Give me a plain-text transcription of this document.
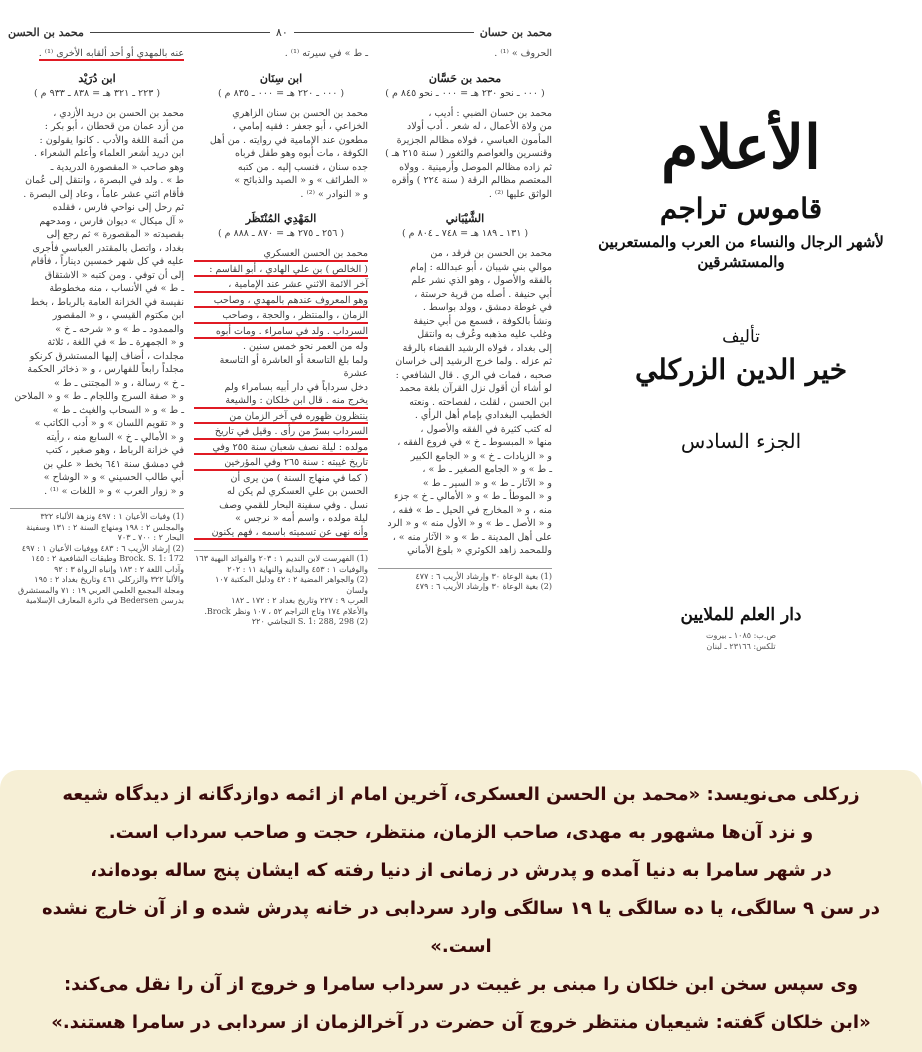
محمد بن حسان
٨٠
محمد بن الحسن
الحروف » ⁽¹⁾ .
محمد بن حَسَّان
( ٠٠٠ ـ نحو ٢٣٠ هـ = ٠٠٠ ـ نحو ٨٤٥ م )
محمد بن حسان الضبي : أديب ،
من ولاة الأعمال ، له شعر . أدب أولاد
المأمون العباسي ، فولاه مظالم الجزيرة
وقنسرين والعواصم والثغور ( سنة ٢١٥ هـ )
ثم زاده مظالم الموصل وأرمينية . وولاه
المعتصم مظالم الرقة ( سنة ٢٢٤ ) وأقره
الواثق عليها ⁽²⁾ .
الشَّيْبَاني
( ١٣١ ـ ١٨٩ هـ = ٧٤٨ ـ ٨٠٤ م )
محمد بن الحسن بن فرقد ، من
موالي بني شيبان ، أبو عبدالله : إمام
بالفقه والأصول ، وهو الذي نشر علم
أبي حنيفة . أصله من قرية حرستة ،
في غوطة دمشق ، وولد بواسط .
ونشأ بالكوفة ، فسمع من أبي حنيفة
وغلب عليه مذهبه وعُرف به وانتقل
إلى بغداد ، فولاه الرشيد القضاء بالرقة
ثم عزله . ولما خرج الرشيد إلى خراسان
صحبه ، فمات في الري . قال الشافعي :
لو أشاء أن أقول نزل القرآن بلغة محمد
ابن الحسن ، لقلت ، لفصاحته . ونعته
الخطيب البغدادي بإمام أهل الرأي .
له كتب كثيرة في الفقه والأصول ،
منها « المبسوط ـ خ » في فروع الفقه ،
و « الزيادات ـ خ » و « الجامع الكبير
ـ ط » و « الجامع الصغير ـ ط » ،
و « الآثار ـ ط » و « السير ـ ط »
و « الموطأ ـ ط » و « الأمالي ـ خ » جزء
منه ، و « المخارج في الحيل ـ ط » فقه ،
و « الأصل ـ ط » و « الأول منه » و « الرد
على أهل المدينة ـ ط » و « الآثار منه » ،
وللمحمد زاهد الكوثري « بلوغ الأماني
(1) بغية الوعاة ٣٠ وإرشاد الأريب ٦ : ٤٧٧
(2) بغية الوعاة ٣٠ وإرشاد الأريب ٦ : ٤٧٩
ـ ط » في سيرته ⁽¹⁾ .
ابن سِنَان
( ٠٠٠ ـ ٢٢٠ هـ = ٠٠٠ ـ ٨٣٥ م )
محمد بن الحسن بن سنان الزاهري
الخزاعي ، أبو جعفر : فقيه إمامي ،
مطعون عند الإمامية في روايته . من أهل
الكوفة ، مات أبوه وهو طفل فرباه
جده سنان ، فنسب إليه . من كتبه
« الطرائف » و « الصيد والذبائح »
و « النوادر » ⁽²⁾ .
المَهْدِي المُنْتَظَر
( ٢٥٦ ـ ٢٧٥ هـ = ٨٧٠ ـ ٨٨٨ م )
محمد بن الحسن العسكري
( الخالص ) بن علي الهادي ، أبو القاسم :
آخر الائمة الاثني عشر عند الإمامية ،
وهو المعروف عندهم بالمهدي ، وصاحب
الزمان ، والمنتظر ، والحجة ، وصاحب
السرداب . ولد في سامراء . ومات أبوه
وله من العمر نحو خمس سنين .
ولما بلغ التاسعة أو العاشرة أو التاسعة عشرة
دخل سرداباً في دار أبيه بسامراء ولم
يخرج منه . قال ابن خلكان : والشيعة
ينتظرون ظهوره في آخر الزمان من
السرداب بسرّ من رأى . وقيل في تاريخ
مولده : ليلة نصف شعبان سنة ٢٥٥ وفي
تاريخ غيبته : سنة ٢٦٥ وفي المؤرخين
( كما في منهاج السنة ) من يرى أن
الحسن بن علي العسكري لم يكن له
نسل . وفي سفينة البحار للقمي وصف
ليلة مولده ، واسم أمه « نرجس »
وأنه نهى عن تسميته باسمه ، فهم يكنون
(1) الفهرست لابن النديم ١ : ٢٠٣ والفوائد البهية ١٦٣
والوفيات ١ : ٤٥٣ والبداية والنهاية ١١ : ٢٠٢
(2) والجواهر المضية ٢ : ٤٢ ودليل المكتبة ١٠٧ ولسان
العرب ٩ : ٢٢٧ وتاريخ بغداد ٢ : ١٧٢ ـ ١٨٢
والأعلام ١٧٤ وتاج التراجم ٥٢ ، ١٠٧ ونظر Brock.
S. 1: 288, 298 (2) النجاشي ٢٢٠
عنه بالمهدي أو أحد ألقابه الأخرى ⁽¹⁾ .
ابن دُرَيْد
( ٢٢٣ ـ ٣٢١ هـ = ٨٣٨ ـ ٩٣٣ م )
محمد بن الحسن بن دريد الأزدي ،
من أزد عمان من قحطان ، أبو بكر :
من أئمة اللغة والأدب . كانوا يقولون :
ابن دريد أشعر العلماء وأعلم الشعراء .
وهو صاحب « المقصورة الدريدية ـ
ط » . ولد في البصرة ، وانتقل إلى عُمان
فأقام اثني عشر عاماً ، وعاد إلى البصرة .
ثم رحل إلى نواحي فارس ، فقلده
« آل ميكال » ديوان فارس ، ومدحهم
بقصيدته « المقصورة » ثم رجع إلى
بغداد ، واتصل بالمقتدر العباسي فأجرى
عليه في كل شهر خمسين ديناراً ، فأقام
إلى أن توفي . ومن كتبه « الاشتقاق
ـ ط » في الأنساب ، منه مخطوطة
نفيسة في الخزانة العامة بالرباط ، بخط
ابن مكتوم القيسي ، و « المقصور
والممدود ـ ط » و « شرحه ـ خ »
و « الجمهرة ـ ط » في اللغة ، ثلاثة
مجلدات ، أضاف إليها المستشرق كرنكو
مجلداً رابعاً للفهارس ، و « ذخائر الحكمة
ـ خ » رسالة ، و « المجتنى ـ ط »
و « صفة السرج واللجام ـ ط » و « الملاحن
ـ ط » و « السحاب والغيث ـ ط »
و « تقويم اللسان » و « أدب الكاتب »
و « الأمالي ـ خ » السابع منه ، رأيته
في خزانة الرباط ، وهو صغير ، كتب
في دمشق سنة ٦٤١ بخط « علي بن
أبي طالب الحسيني » و « الوشاح »
و « زوار العرب » و « اللغات » ⁽¹⁾ .
(1) وفيات الأعيان ١ : ٤٩٧ ونزهة الألباء ٣٢٢
والمجلس ٢ : ١٩٨ ومنهاج السنة ٢ : ١٣١ وسفينة
البحار ٢ : ٧٠٠ ـ ٧٠٣
(2) إرشاد الأريب ٦ : ٤٨٣ ووفيات الأعيان ١ : ٤٩٧
Brock. S. 1: 172 وطبقات الشافعية ٢ : ١٤٥
وآداب اللغة ٢ : ١٨٣ وإنباه الرواة ٣ : ٩٢
والألبا ٣٢٢ والزركلي ٤٦١ وتاريخ بغداد ٢ : ١٩٥
ومجلة المجمع العلمي العربي ١٩ : ٧١ والمستشرق
بدرسن Bedersen في دائرة المعارف الإسلامية
الأعلام
قاموس تراجم
لأشهر الرجال والنساء من العرب والمستعربين والمستشرقين
تأليف
خير الدين الزركلي
الجزء السادس
دار العلم للملايين
ص.ب: ١٠٨٥ ـ بيروت
تلكس: ٢٣١٦٦ ـ لبنان
زرکلی می‌نویسد: «محمد بن الحسن العسکری، آخرین امام از ائمه دوازدگانه از دیدگاه شیعه
و نزد آن‌ها مشهور به مهدی، صاحب الزمان، منتظر، حجت و صاحب سرداب است.
در شهر سامرا به دنیا آمده و پدرش در زمانی از دنیا رفته که ایشان پنج ساله بوده‌اند،
در سن ۹ سالگی، یا ده سالگی یا ۱۹ سالگی وارد سردابی در خانه پدرش شده و از آن خارج نشده است.»
وی سپس سخن ابن خلکان را مبنی بر غیبت در سرداب سامرا و خروج از آن را نقل می‌کند:
«ابن خلکان گفته: شیعیان منتظر خروج آن حضرت در آخرالزمان از سردابی در سامرا هستند.»
